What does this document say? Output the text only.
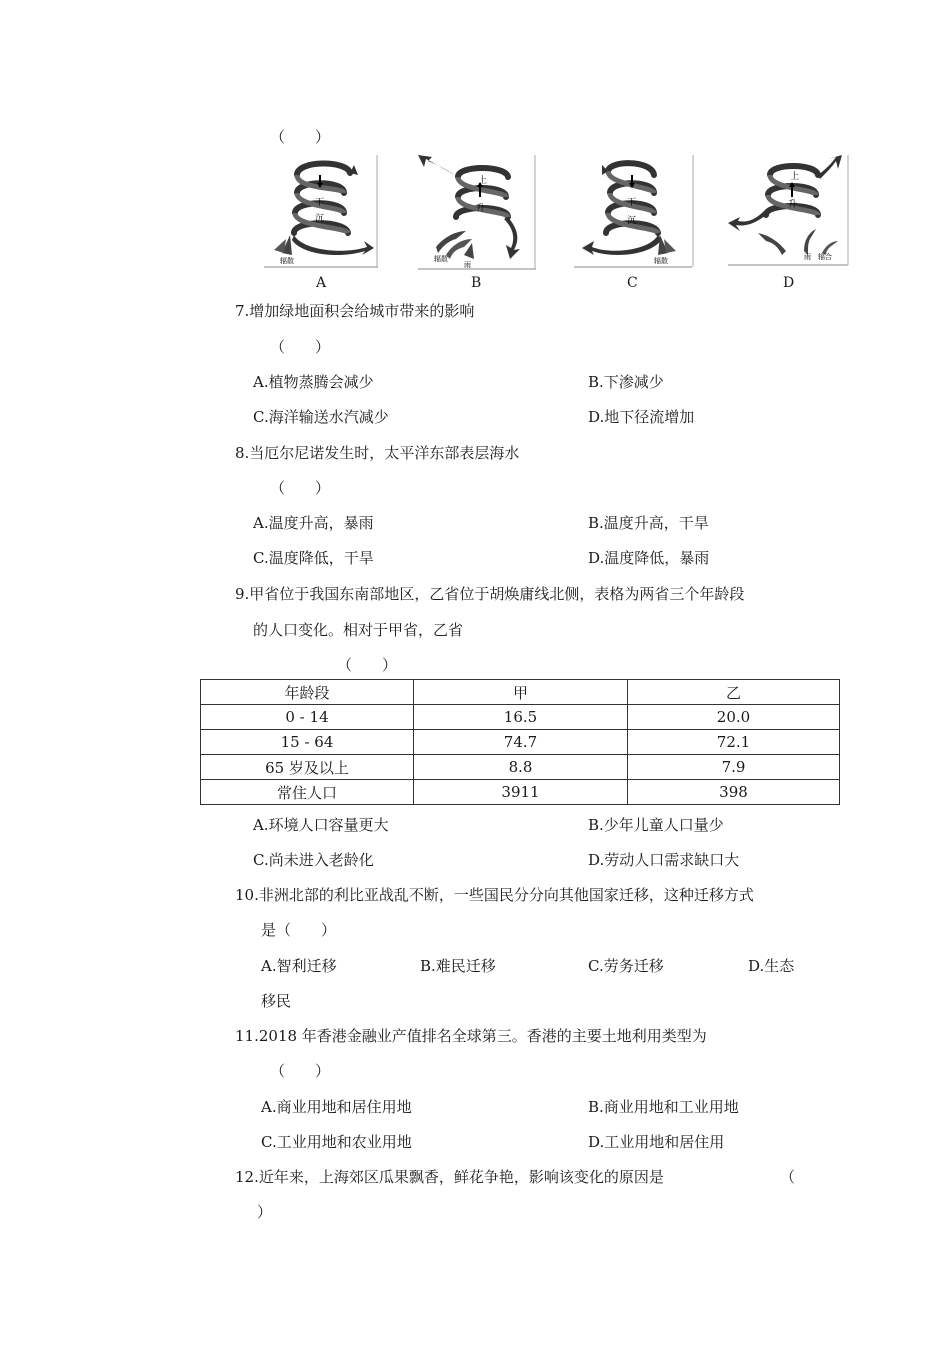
（　　）
下
沉
辐散
A
上
升
辐散
雨
B
下
沉
辐散
C
上
升
雨 辐合
D
7.增加绿地面积会给城市带来的影响
（　　）
A.植物蒸腾会减少	B.下渗减少
C.海洋输送水汽减少	D.地下径流增加
8.当厄尔尼诺发生时，太平洋东部表层海水
（　　）
A.温度升高，暴雨	B.温度升高，干旱
C.温度降低，干旱	D.温度降低，暴雨
9.甲省位于我国东南部地区，乙省位于胡焕庸线北侧，表格为两省三个年龄段
的人口变化。相对于甲省，乙省
（　　）
年龄段	甲	乙
0 - 14	16.5	20.0
15 - 64	74.7	72.1
65 岁及以上	8.8	7.9
常住人口	3911	398
A.环境人口容量更大	B.少年儿童人口量少
C.尚未进入老龄化	D.劳动人口需求缺口大
10.非洲北部的利比亚战乱不断，一些国民分分向其他国家迁移，这种迁移方式
是（　　）
A.智利迁移	B.难民迁移	C.劳务迁移	D.生态
移民
11.2018 年香港金融业产值排名全球第三。香港的主要土地利用类型为
（　　）
A.商业用地和居住用地	B.商业用地和工业用地
C.工业用地和农业用地	D.工业用地和居住用
12.近年来，上海郊区瓜果飘香，鲜花争艳，影响该变化的原因是	（
）
